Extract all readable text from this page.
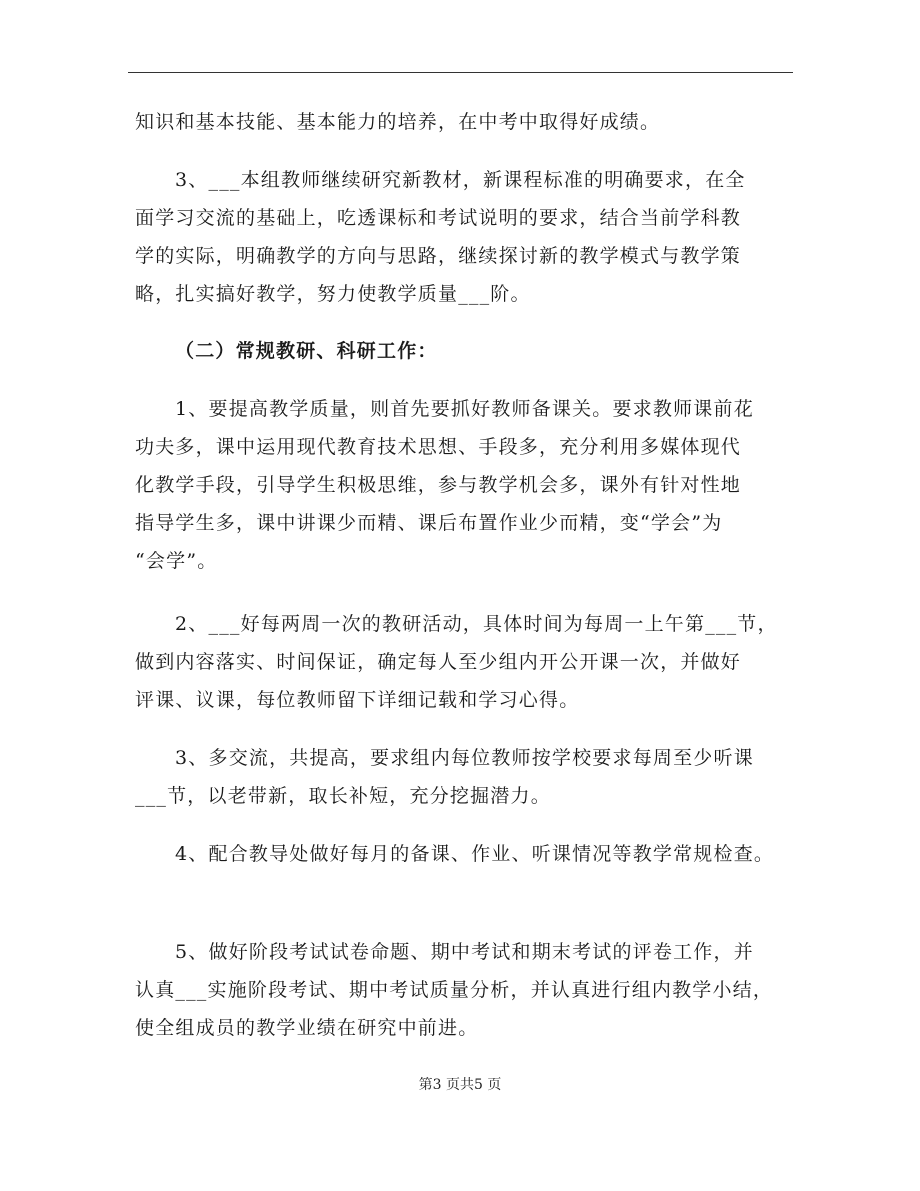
知识和基本技能、基本能力的培养，在中考中取得好成绩。
3、___本组教师继续研究新教材，新课程标准的明确要求，在全
面学习交流的基础上，吃透课标和考试说明的要求，结合当前学科教
学的实际，明确教学的方向与思路，继续探讨新的教学模式与教学策
略，扎实搞好教学，努力使教学质量___阶。
（二）常规教研、科研工作：
1、要提高教学质量，则首先要抓好教师备课关。要求教师课前花
功夫多，课中运用现代教育技术思想、手段多，充分利用多媒体现代
化教学手段，引导学生积极思维，参与教学机会多，课外有针对性地
指导学生多，课中讲课少而精、课后布置作业少而精，变“学会”为
“会学”。
2、___好每两周一次的教研活动，具体时间为每周一上午第___节，
做到内容落实、时间保证，确定每人至少组内开公开课一次，并做好
评课、议课，每位教师留下详细记载和学习心得。
3、多交流，共提高，要求组内每位教师按学校要求每周至少听课
___节，以老带新，取长补短，充分挖掘潜力。
4、配合教导处做好每月的备课、作业、听课情况等教学常规检查。
5、做好阶段考试试卷命题、期中考试和期末考试的评卷工作，并
认真___实施阶段考试、期中考试质量分析，并认真进行组内教学小结，
使全组成员的教学业绩在研究中前进。
第3 页共5 页
